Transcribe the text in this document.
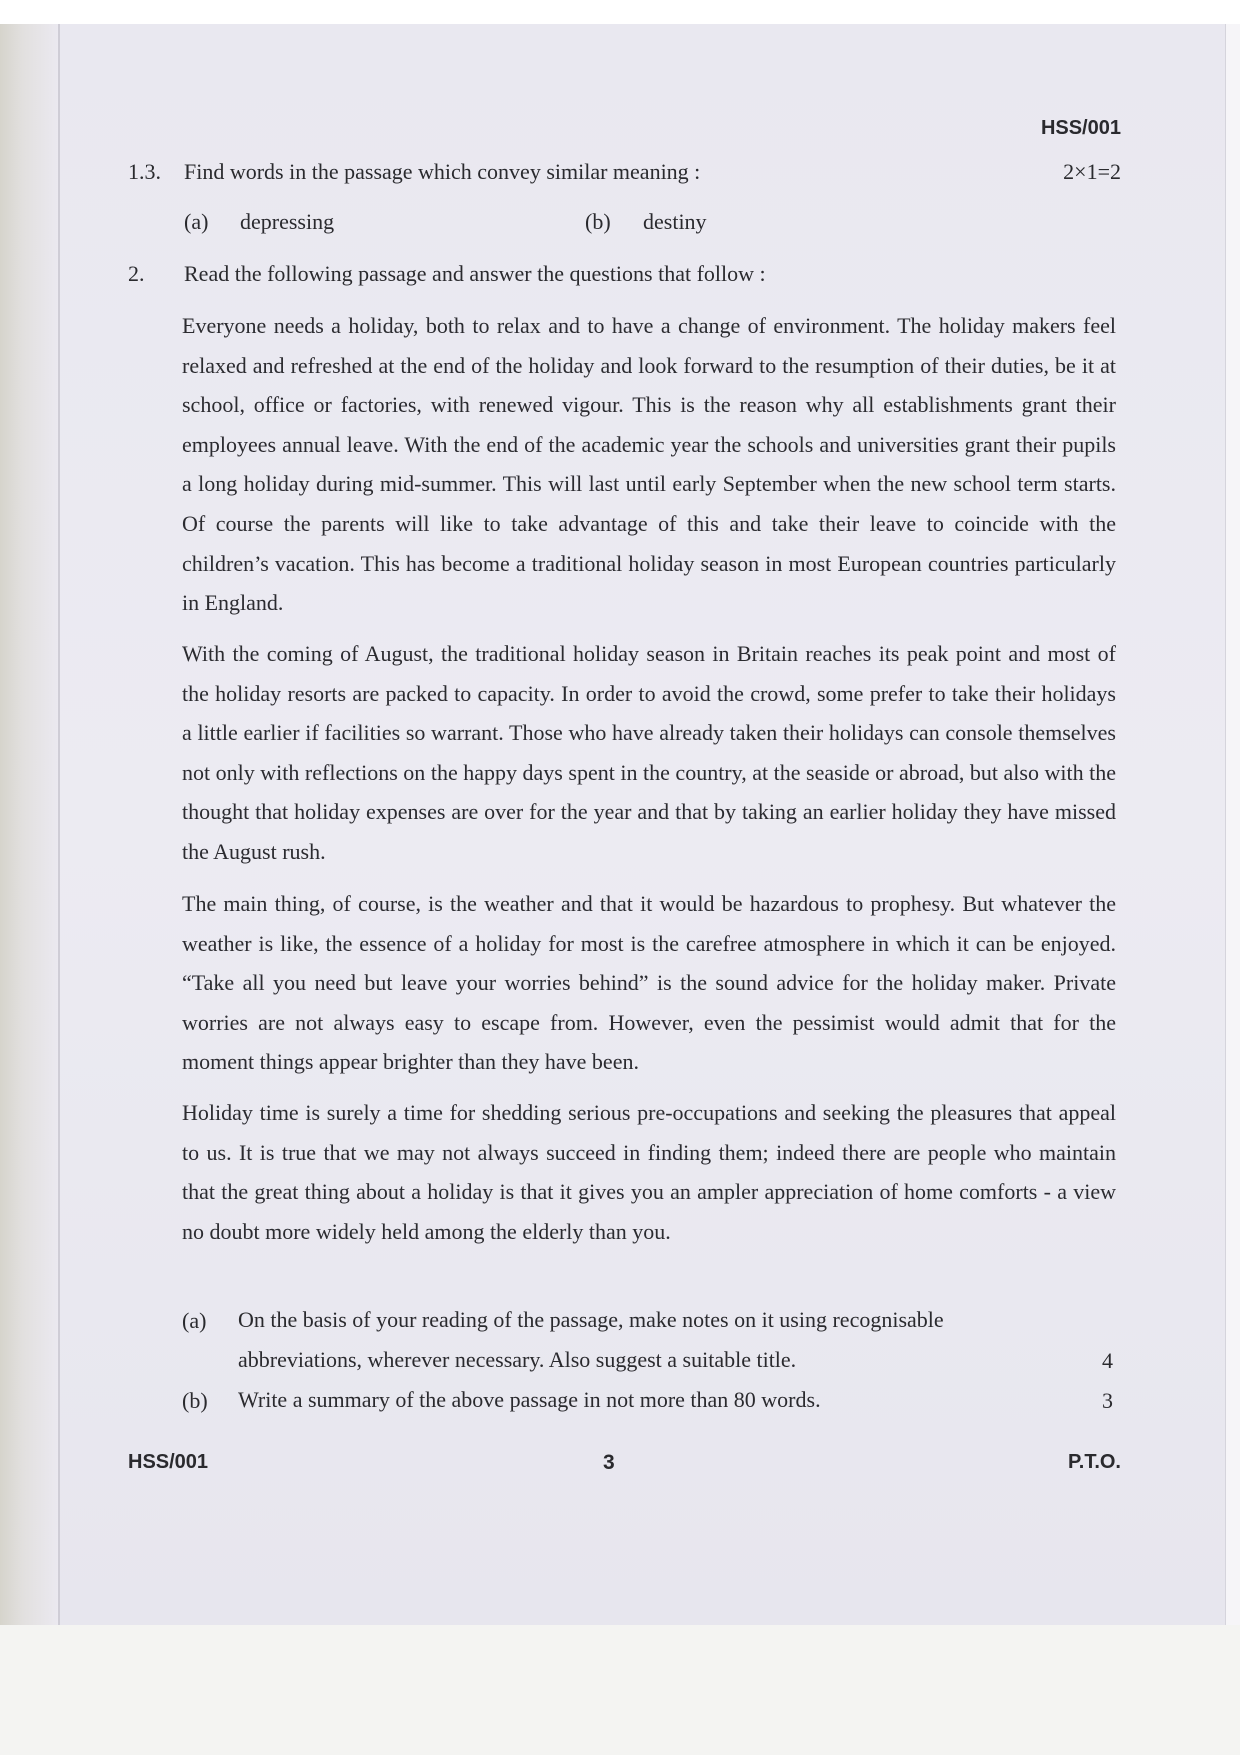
HSS/001

1.3. Find words in the passage which convey similar meaning :	2×1=2

(a) depressing	(b) destiny

2. Read the following passage and answer the questions that follow :

Everyone needs a holiday, both to relax and to have a change of environment. The holiday makers feel relaxed and refreshed at the end of the holiday and look forward to the resumption of their duties, be it at school, office or factories, with renewed vigour. This is the reason why all establishments grant their employees annual leave. With the end of the academic year the schools and universities grant their pupils a long holiday during mid-summer. This will last until early September when the new school term starts. Of course the parents will like to take advantage of this and take their leave to coincide with the children’s vacation. This has become a traditional holiday season in most European countries particularly in England.

With the coming of August, the traditional holiday season in Britain reaches its peak point and most of the holiday resorts are packed to capacity. In order to avoid the crowd, some prefer to take their holidays a little earlier if facilities so warrant. Those who have already taken their holidays can console themselves not only with reflections on the happy days spent in the country, at the seaside or abroad, but also with the thought that holiday expenses are over for the year and that by taking an earlier holiday they have missed the August rush.

The main thing, of course, is the weather and that it would be hazardous to prophesy. But whatever the weather is like, the essence of a holiday for most is the carefree atmosphere in which it can be enjoyed. “Take all you need but leave your worries behind” is the sound advice for the holiday maker. Private worries are not always easy to escape from. However, even the pessimist would admit that for the moment things appear brighter than they have been.

Holiday time is surely a time for shedding serious pre-occupations and seeking the pleasures that appeal to us. It is true that we may not always succeed in finding them; indeed there are people who maintain that the great thing about a holiday is that it gives you an ampler appreciation of home comforts - a view no doubt more widely held among the elderly than you.

(a) On the basis of your reading of the passage, make notes on it using recognisable

abbreviations, wherever necessary. Also suggest a suitable title.	4

(b) Write a summary of the above passage in not more than 80 words.	3

HSS/001	3	P.T.O.
